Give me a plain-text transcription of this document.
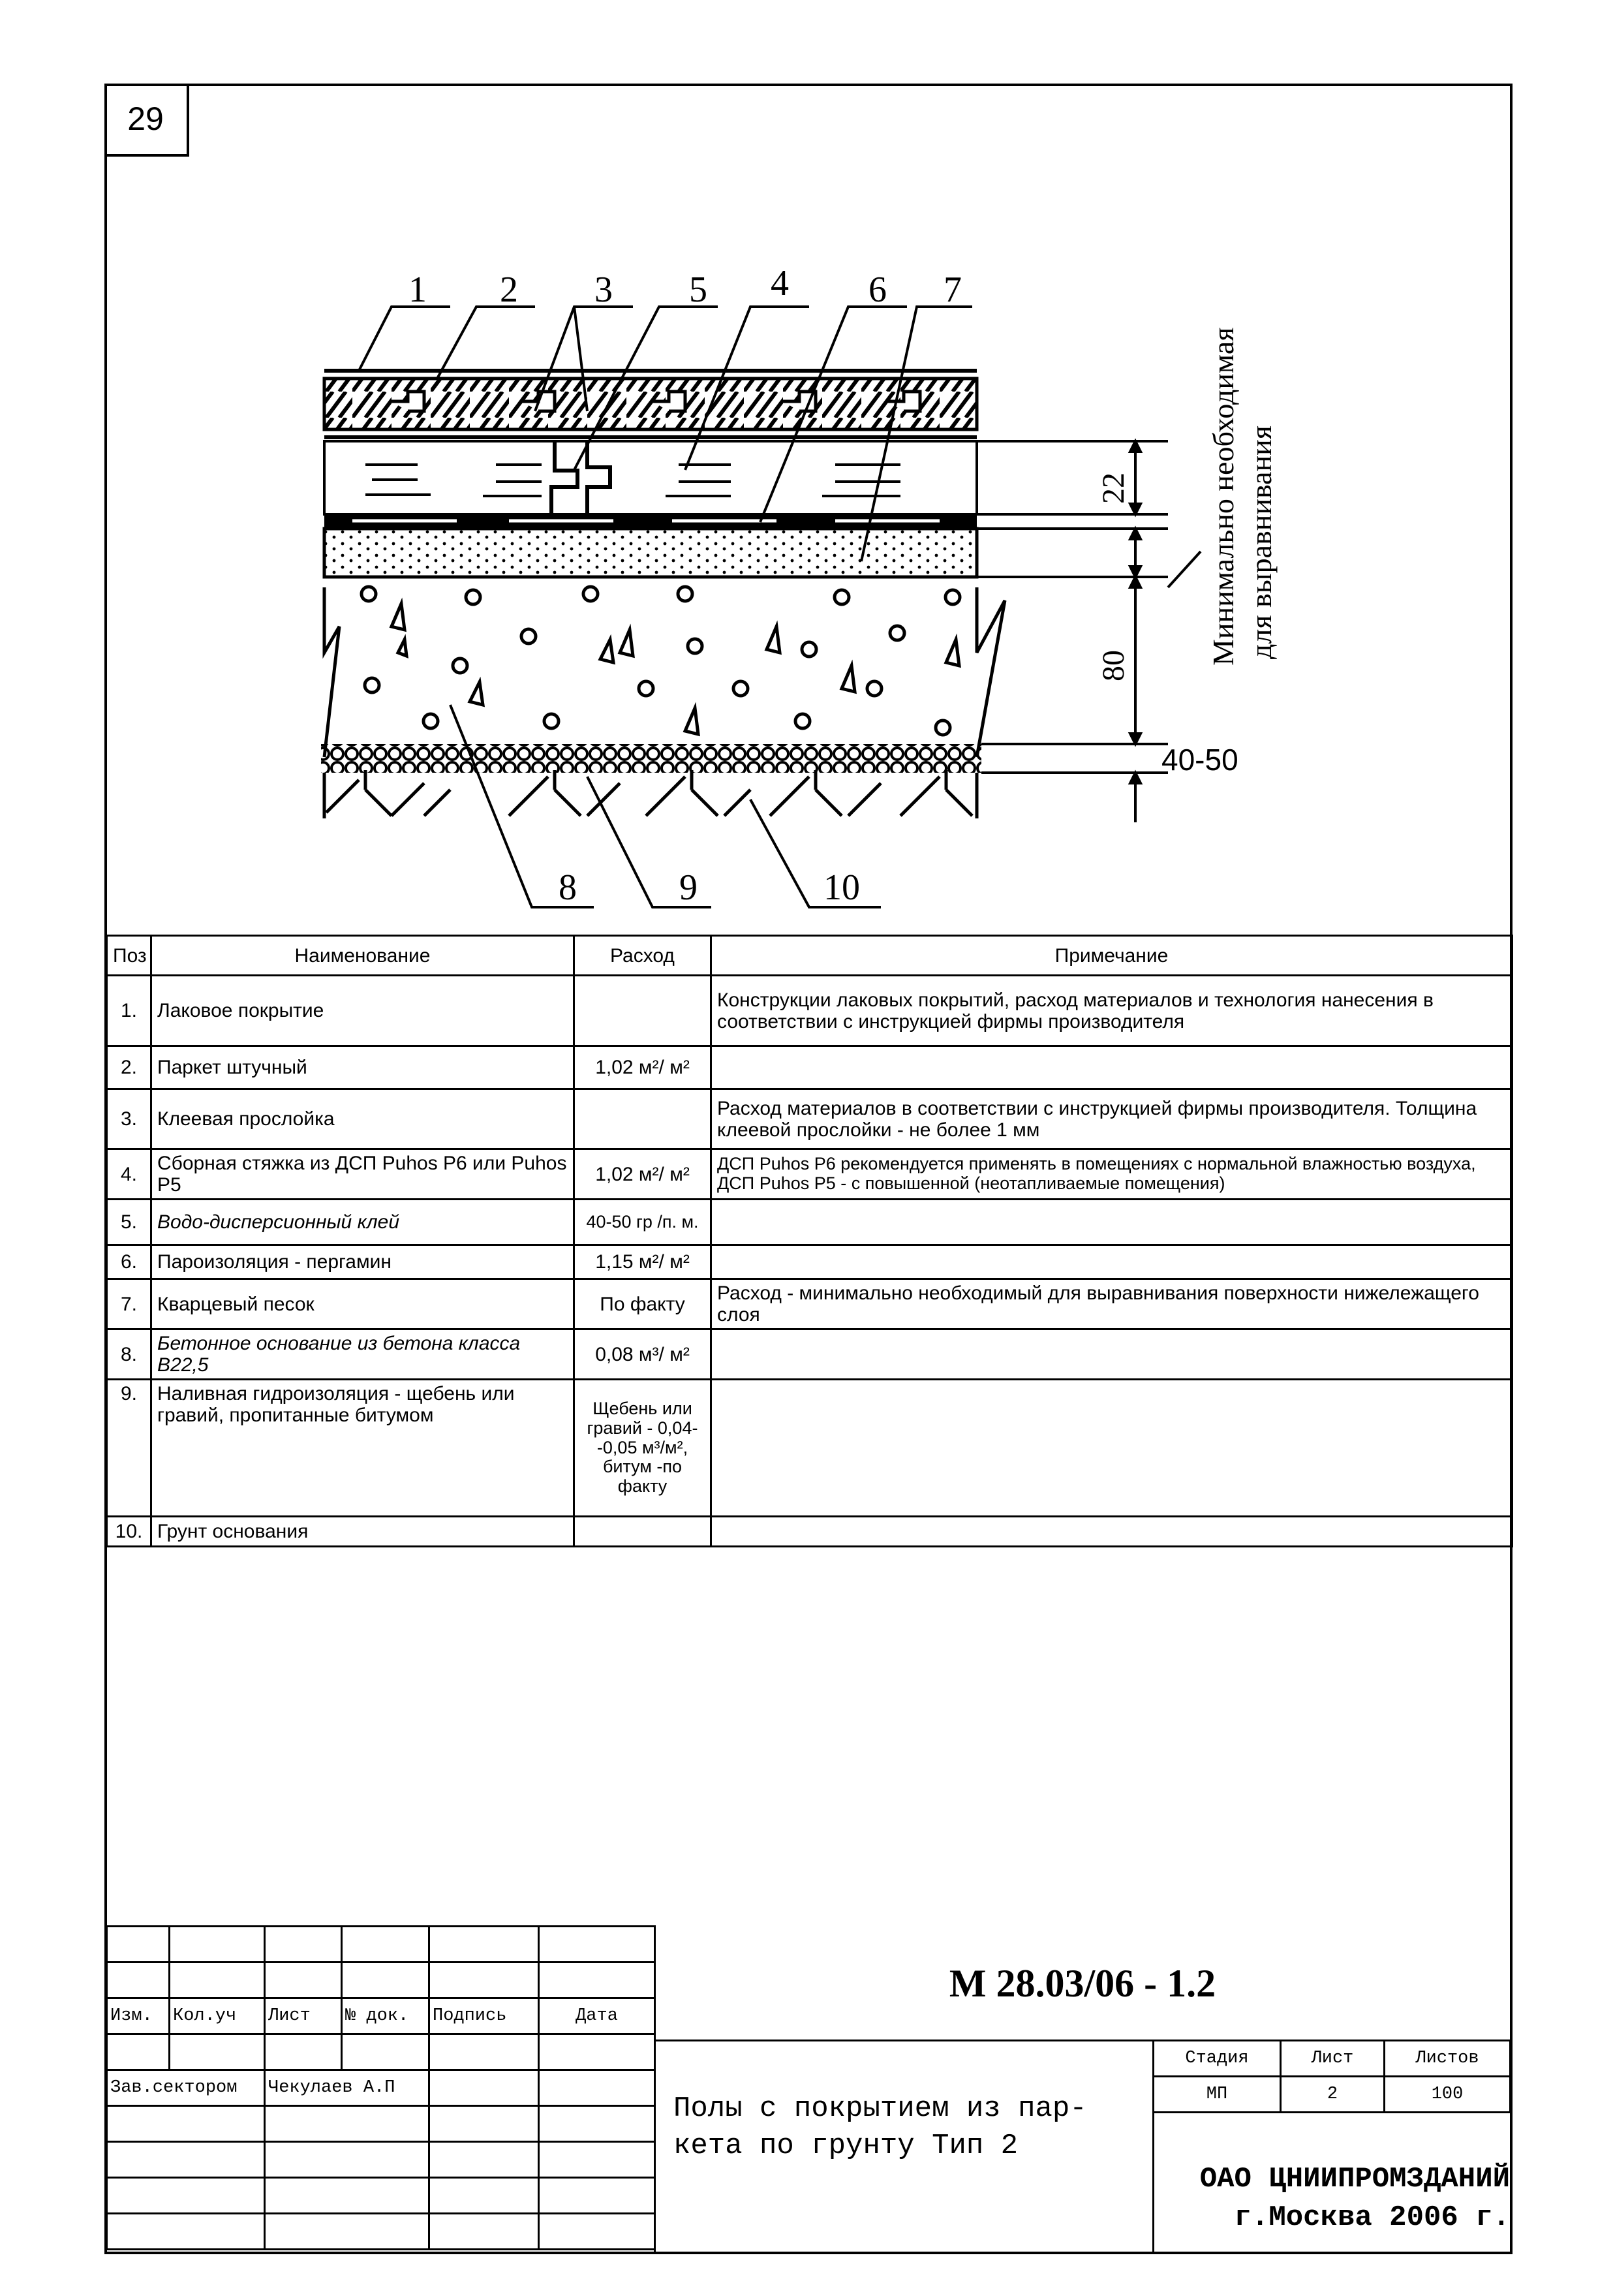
29
1 2 3 5 4 6 7
8	9	10
22
80
40-50
Минимально необходимая для выравнивания
Поз	Наименование	Расход	Примечание
1.	Лаковое покрытие		Конструкции лаковых покрытий, расход материалов и технология нанесения в соответствии с инструкцией фирмы производителя
2.	Паркет штучный	1,02 м²/ м²	
3.	Клеевая прослойка		Расход материалов в соответствии с инструкцией фирмы производителя. Толщина клеевой прослойки - не более 1 мм
4.	Сборная стяжка из ДСП Puhos P6 или Puhos P5	1,02 м²/ м²	ДСП Puhos P6 рекомендуется применять в помещениях с нормальной влажностью воздуха, ДСП Puhos P5 - с повышенной (неотапливаемые помещения)
5.	Водо-дисперсионный клей	40-50 гр /п. м.	
6.	Пароизоляция - пергамин	1,15 м²/ м²	
7.	Кварцевый песок	По факту	Расход - минимально необходимый для выравнивания поверхности нижележащего слоя
8.	Бетонное основание из бетона класса В22,5	0,08 м³/ м²	
9.	Наливная гидроизоляция - щебень или гравий, пропитанные битумом	Щебень или гравий - 0,04--0,05 м³/м², битум -по факту	
10.	Грунт основания		

Изм.	Кол.уч	Лист	№ док.	Подпись	Дата

Зав.сектором		Чекулаев А.П			

М 28.03/06 - 1.2
Полы с покрытием из пар-
кета по грунту Тип 2
Стадия	Лист	Листов
МП	2	100
ОАО ЦНИИПРОМЗДАНИЙ
г.Москва 2006 г.
